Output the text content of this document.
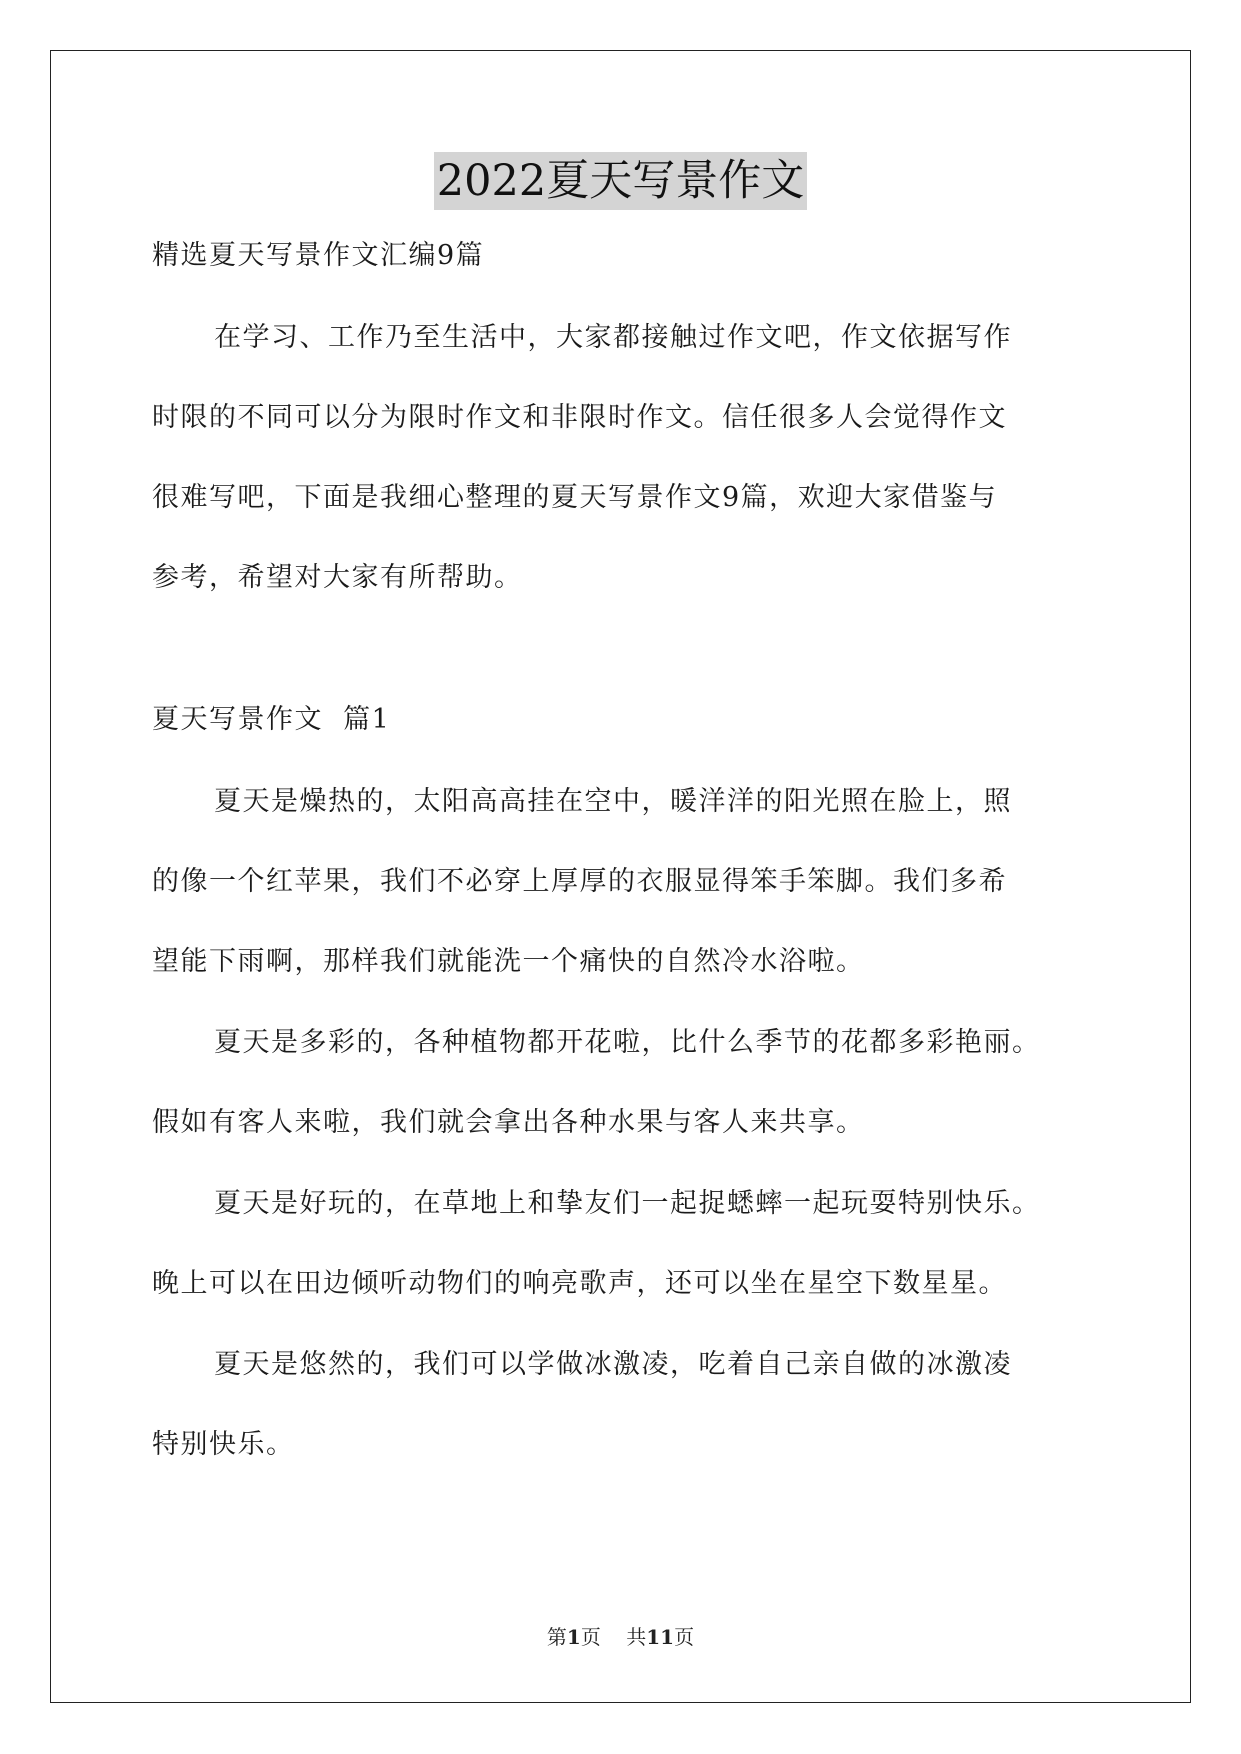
2022夏天写景作文
精选夏天写景作文汇编9篇
在学习、工作乃至生活中，大家都接触过作文吧，作文依据写作
时限的不同可以分为限时作文和非限时作文。信任很多人会觉得作文
很难写吧，下面是我细心整理的夏天写景作文9篇，欢迎大家借鉴与
参考，希望对大家有所帮助。
夏天写景作文  篇1
夏天是燥热的，太阳高高挂在空中，暖洋洋的阳光照在脸上，照
的像一个红苹果，我们不必穿上厚厚的衣服显得笨手笨脚。我们多希
望能下雨啊，那样我们就能洗一个痛快的自然冷水浴啦。
夏天是多彩的，各种植物都开花啦，比什么季节的花都多彩艳丽。
假如有客人来啦，我们就会拿出各种水果与客人来共享。
夏天是好玩的，在草地上和挚友们一起捉蟋蟀一起玩耍特别快乐。
晚上可以在田边倾听动物们的响亮歌声，还可以坐在星空下数星星。
夏天是悠然的，我们可以学做冰激凌，吃着自己亲自做的冰激凌
特别快乐。
第1页    共11页
